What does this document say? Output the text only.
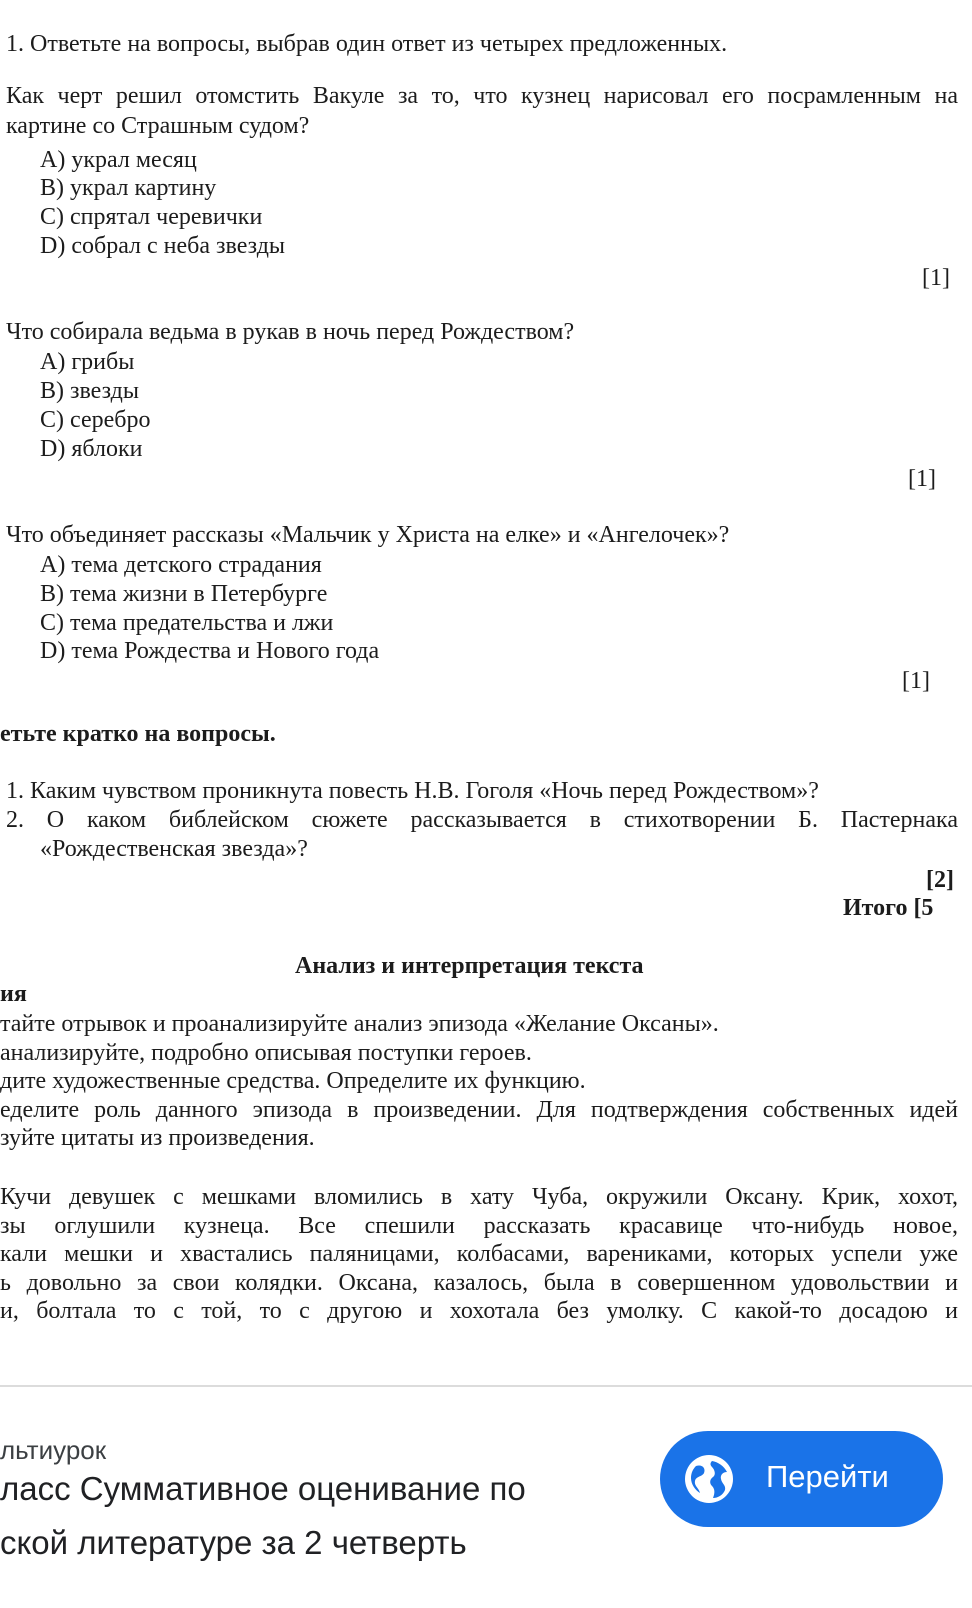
1. Ответьте на вопросы, выбрав один ответ из четырех предложенных.
Как черт решил отомстить Вакуле за то, что кузнец нарисовал его посрамленным на
картине со Страшным судом?
A) украл месяц
B) украл картину
C) спрятал черевички
D) собрал с неба звезды
[1]
Что собирала ведьма в рукав в ночь перед Рождеством?
A) грибы
B) звезды
C) серебро
D) яблоки
[1]
Что объединяет рассказы «Мальчик у Христа на елке» и «Ангелочек»?
A) тема детского страдания
B) тема жизни в Петербурге
C) тема предательства и лжи
D) тема Рождества и Нового года
[1]
етьте кратко на вопросы.
1. Каким чувством проникнута повесть Н.В. Гоголя «Ночь перед Рождеством»?
2. О каком библейском сюжете рассказывается в стихотворении Б. Пастернака
«Рождественская звезда»?
[2]
Итого [5
Анализ и интерпретация текста
ия
тайте отрывок и проанализируйте анализ эпизода «Желание Оксаны».
анализируйте, подробно описывая поступки героев.
дите художественные средства. Определите их функцию.
еделите роль данного эпизода в произведении. Для подтверждения собственных идей
зуйте цитаты из произведения.
Кучи девушек с мешками вломились в хату Чуба, окружили Оксану. Крик, хохот,
зы оглушили кузнеца. Все спешили рассказать красавице что-нибудь новое,
кали мешки и хвастались паляницами, колбасами, варениками, которых успели уже
ь довольно за свои колядки. Оксана, казалось, была в совершенном удовольствии и
и, болтала то с той, то с другою и хохотала без умолку. С какой-то досадою и
льтиурок
ласс Суммативное оценивание по
ской литературе за 2 четверть
Перейти
